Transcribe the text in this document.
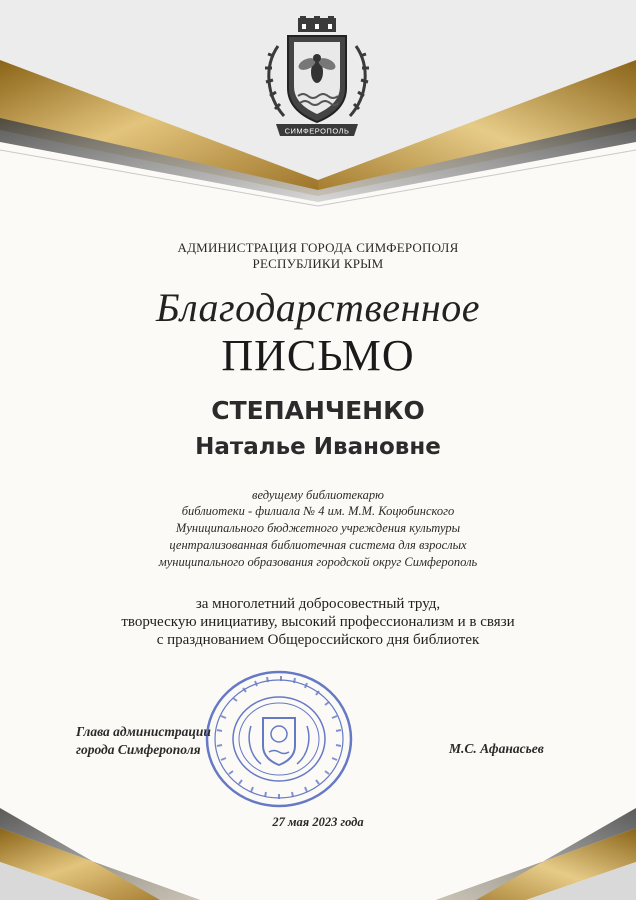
СИМФЕРОПОЛЬ

АДМИНИСТРАЦИЯ ГОРОДА СИМФЕРОПОЛЯ

РЕСПУБЛИКИ КРЫМ

Благодарственное

ПИСЬМО

СТЕПАНЧЕНКО

Наталье Ивановне

ведущему библиотекарю

библиотеки - филиала № 4 им. М.М. Коцюбинского

Муниципального бюджетного учреждения культуры

централизованная библиотечная система для взрослых

муниципального образования городской округ Симферополь

за многолетний добросовестный труд,

творческую инициативу, высокий профессионализм и в связи

с празднованием Общероссийского дня библиотек

Глава администрации

города Симферополя	М.С. Афанасьев

27 мая 2023 года
